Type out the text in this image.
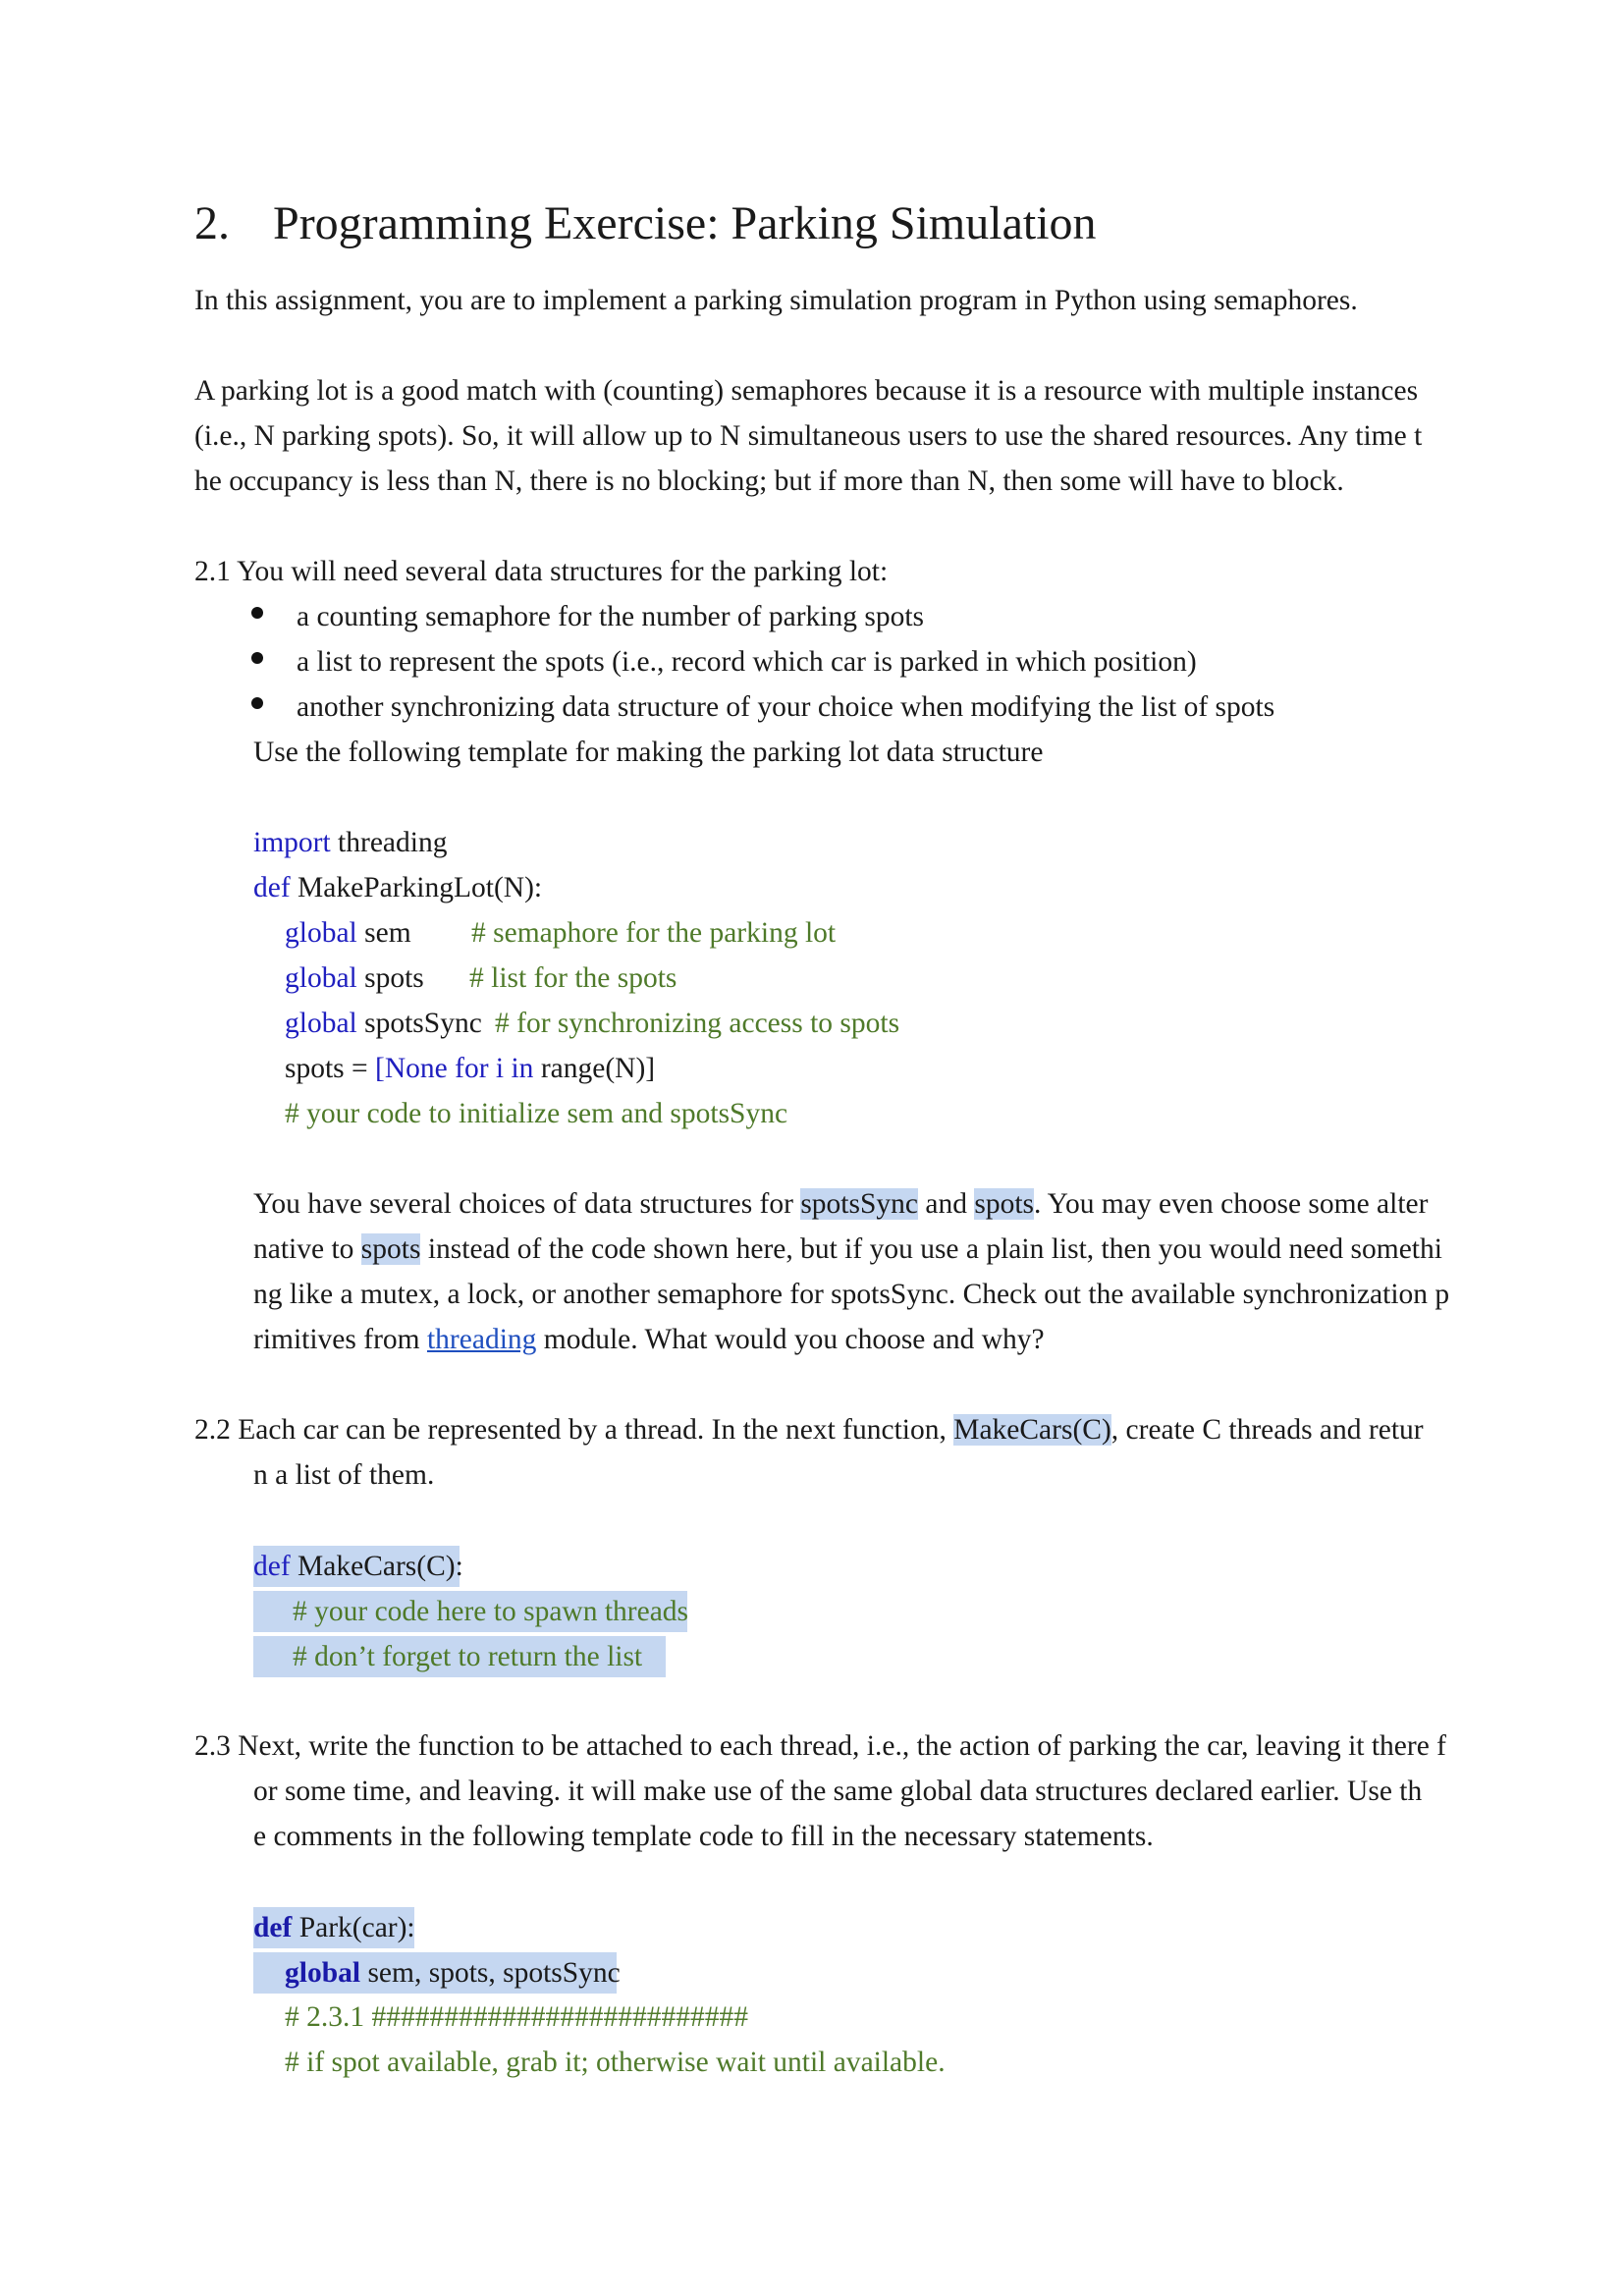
2. Programming Exercise: Parking Simulation
In this assignment, you are to implement a parking simulation program in Python using semaphores.
A parking lot is a good match with (counting) semaphores because it is a resource with multiple instances
(i.e., N parking spots). So, it will allow up to N simultaneous users to use the shared resources. Any time t
he occupancy is less than N, there is no blocking; but if more than N, then some will have to block.
2.1 You will need several data structures for the parking lot:
a counting semaphore for the number of parking spots
a list to represent the spots (i.e., record which car is parked in which position)
another synchronizing data structure of your choice when modifying the list of spots
Use the following template for making the parking lot data structure
import threading
def MakeParkingLot(N):
global sem # semaphore for the parking lot
global spots # list for the spots
global spotsSync # for synchronizing access to spots
spots = [None for i in range(N)]
# your code to initialize sem and spotsSync
You have several choices of data structures for spotsSync and spots. You may even choose some alter
native to spots instead of the code shown here, but if you use a plain list, then you would need somethi
ng like a mutex, a lock, or another semaphore for spotsSync. Check out the available synchronization p
rimitives from threading module. What would you choose and why?
2.2 Each car can be represented by a thread. In the next function, MakeCars(C), create C threads and retur
n a list of them.
def MakeCars(C):
# your code here to spawn threads
# don’t forget to return the list
2.3 Next, write the function to be attached to each thread, i.e., the action of parking the car, leaving it there f
or some time, and leaving. it will make use of the same global data structures declared earlier. Use th
e comments in the following template code to fill in the necessary statements.
def Park(car):
global sem, spots, spotsSync
# 2.3.1 ##########################
# if spot available, grab it; otherwise wait until available.
